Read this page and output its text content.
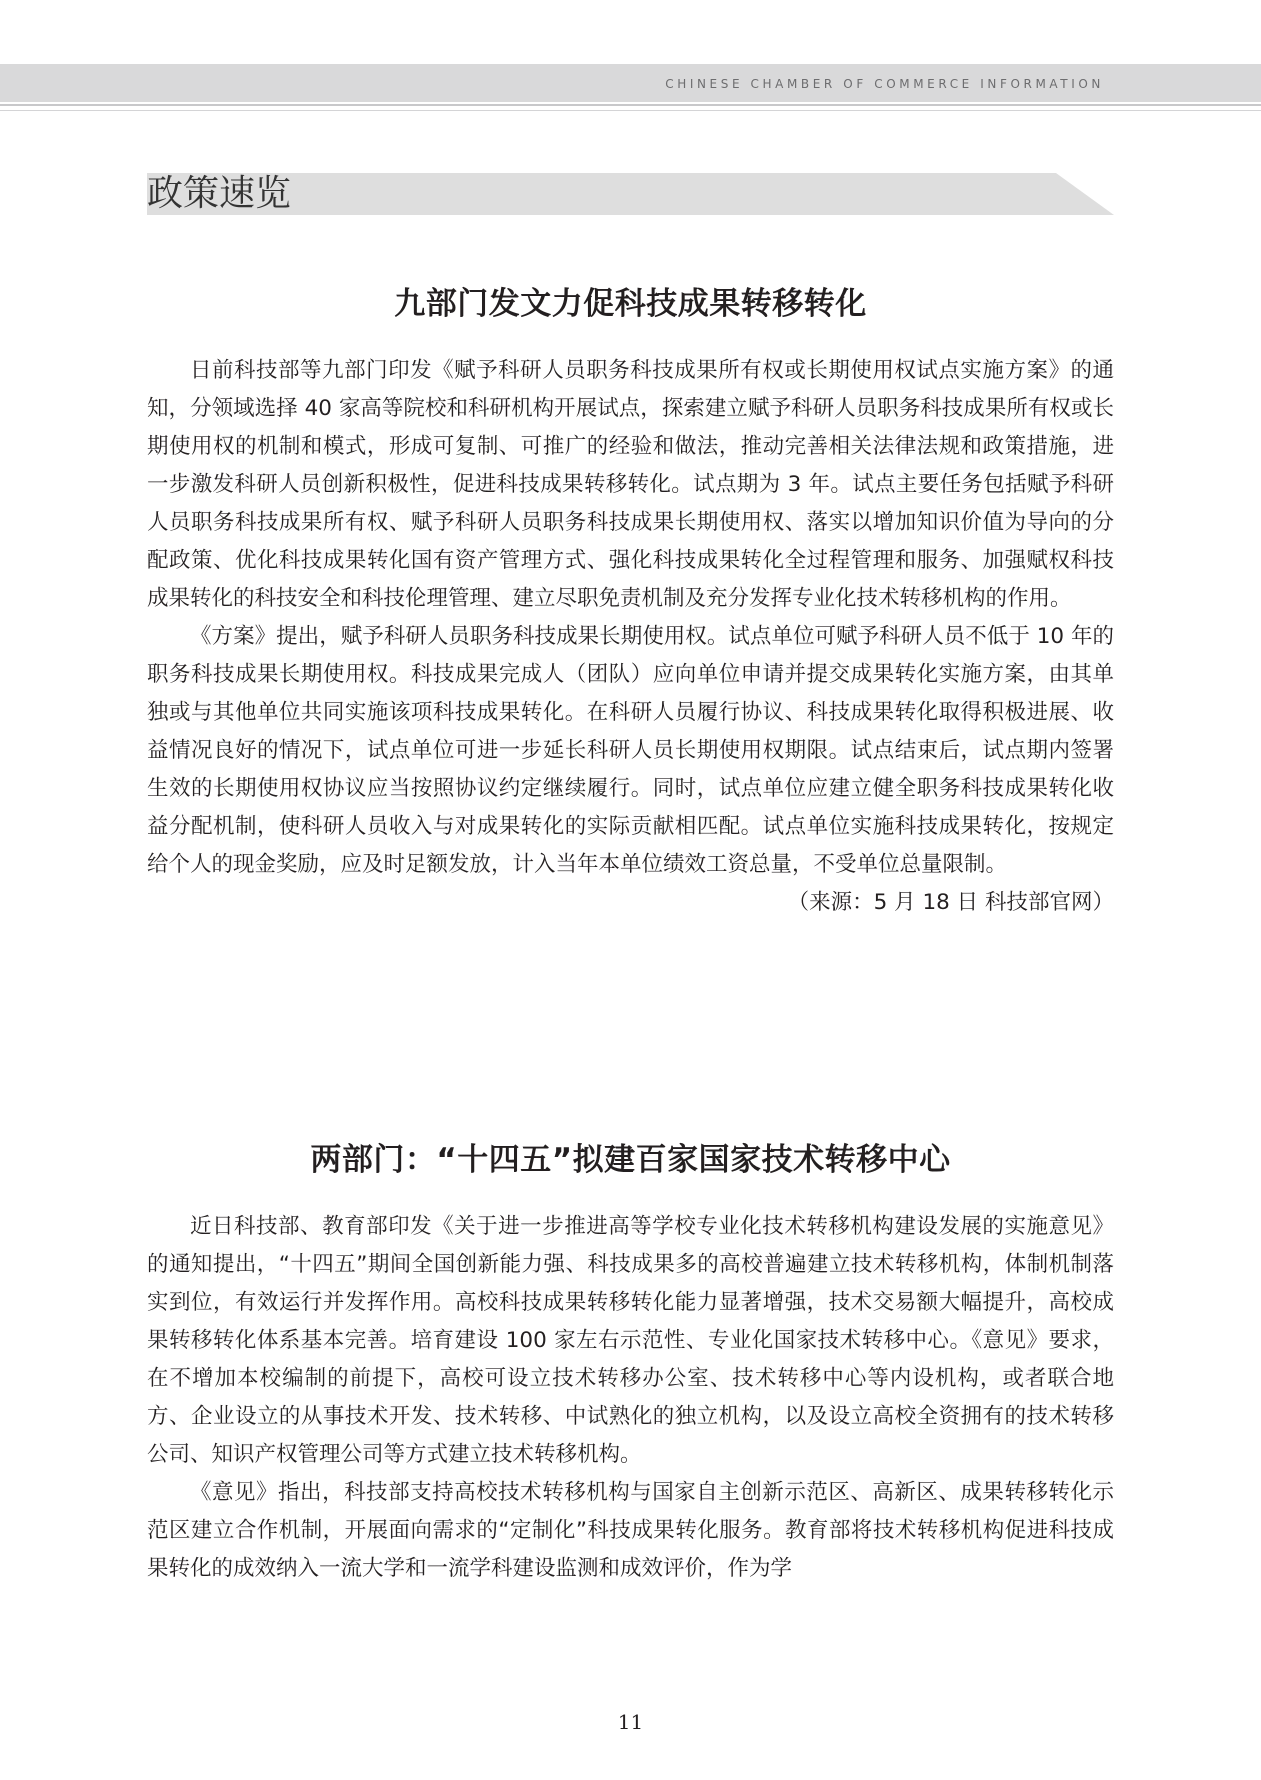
CHINESE CHAMBER OF COMMERCE INFORMATION
政策速览
九部门发文力促科技成果转移转化

日前科技部等九部门印发《赋予科研人员职务科技成果所有权或长期使用权试点实施方案》的通知，分领域选择 40 家高等院校和科研机构开展试点，探索建立赋予科研人员职务科技成果所有权或长期使用权的机制和模式，形成可复制、可推广的经验和做法，推动完善相关法律法规和政策措施，进一步激发科研人员创新积极性，促进科技成果转移转化。试点期为 3 年。试点主要任务包括赋予科研人员职务科技成果所有权、赋予科研人员职务科技成果长期使用权、落实以增加知识价值为导向的分配政策、优化科技成果转化国有资产管理方式、强化科技成果转化全过程管理和服务、加强赋权科技成果转化的科技安全和科技伦理管理、建立尽职免责机制及充分发挥专业化技术转移机构的作用。

《方案》提出，赋予科研人员职务科技成果长期使用权。试点单位可赋予科研人员不低于 10 年的职务科技成果长期使用权。科技成果完成人（团队）应向单位申请并提交成果转化实施方案，由其单独或与其他单位共同实施该项科技成果转化。在科研人员履行协议、科技成果转化取得积极进展、收益情况良好的情况下，试点单位可进一步延长科研人员长期使用权期限。试点结束后，试点期内签署生效的长期使用权协议应当按照协议约定继续履行。同时，试点单位应建立健全职务科技成果转化收益分配机制，使科研人员收入与对成果转化的实际贡献相匹配。试点单位实施科技成果转化，按规定给个人的现金奖励，应及时足额发放，计入当年本单位绩效工资总量，不受单位总量限制。
（来源：5 月 18 日 科技部官网）

两部门：“十四五”拟建百家国家技术转移中心

近日科技部、教育部印发《关于进一步推进高等学校专业化技术转移机构建设发展的实施意见》的通知提出，“十四五”期间全国创新能力强、科技成果多的高校普遍建立技术转移机构，体制机制落实到位，有效运行并发挥作用。高校科技成果转移转化能力显著增强，技术交易额大幅提升，高校成果转移转化体系基本完善。培育建设 100 家左右示范性、专业化国家技术转移中心。《意见》要求，在不增加本校编制的前提下，高校可设立技术转移办公室、技术转移中心等内设机构，或者联合地方、企业设立的从事技术开发、技术转移、中试熟化的独立机构，以及设立高校全资拥有的技术转移公司、知识产权管理公司等方式建立技术转移机构。

《意见》指出，科技部支持高校技术转移机构与国家自主创新示范区、高新区、成果转移转化示范区建立合作机制，开展面向需求的“定制化”科技成果转化服务。教育部将技术转移机构促进科技成果转化的成效纳入一流大学和一流学科建设监测和成效评价，作为学

11
